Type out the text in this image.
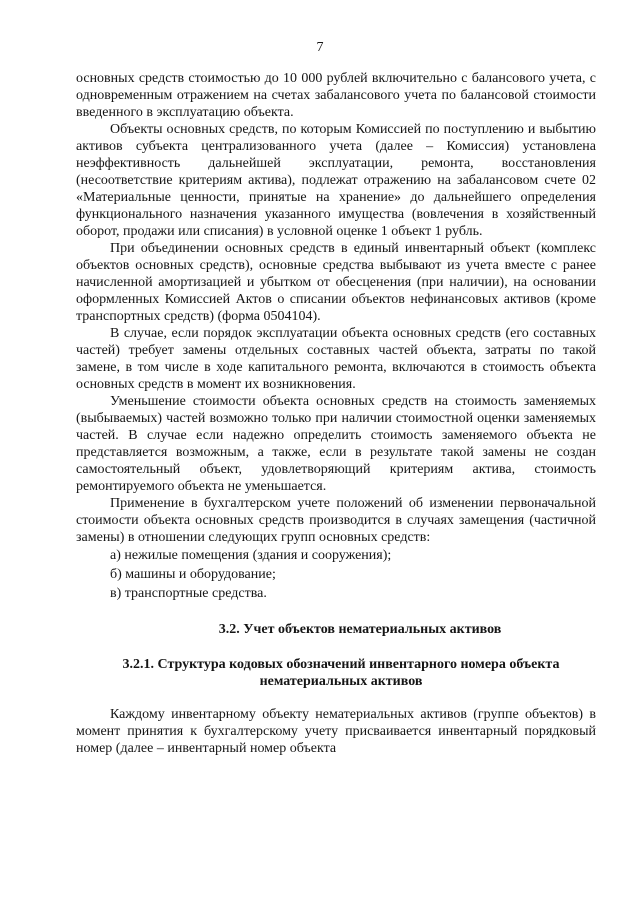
7

основных средств стоимостью до 10 000 рублей включительно с балансового учета, с одновременным отражением на счетах забалансового учета по балансовой стоимости введенного в эксплуатацию объекта.

Объекты основных средств, по которым Комиссией по поступлению и выбытию активов субъекта централизованного учета (далее – Комиссия) установлена неэффективность дальнейшей эксплуатации, ремонта, восстановления (несоответствие критериям актива), подлежат отражению на забалансовом счете 02 «Материальные ценности, принятые на хранение» до дальнейшего определения функционального назначения указанного имущества (вовлечения в хозяйственный оборот, продажи или списания) в условной оценке 1 объект 1 рубль.

При объединении основных средств в единый инвентарный объект (комплекс объектов основных средств), основные средства выбывают из учета вместе с ранее начисленной амортизацией и убытком от обесценения (при наличии), на основании оформленных Комиссией Актов о списании объектов нефинансовых активов (кроме транспортных средств) (форма 0504104).

В случае, если порядок эксплуатации объекта основных средств (его составных частей) требует замены отдельных составных частей объекта, затраты по такой замене, в том числе в ходе капитального ремонта, включаются в стоимость объекта основных средств в момент их возникновения.

Уменьшение стоимости объекта основных средств на стоимость заменяемых (выбываемых) частей возможно только при наличии стоимостной оценки заменяемых частей. В случае если надежно определить стоимость заменяемого объекта не представляется возможным, а также, если в результате такой замены не создан самостоятельный объект, удовлетворяющий критериям актива, стоимость ремонтируемого объекта не уменьшается.

Применение в бухгалтерском учете положений об изменении первоначальной стоимости объекта основных средств производится в случаях замещения (частичной замены) в отношении следующих групп основных средств:

а) нежилые помещения (здания и сооружения);

б) машины и оборудование;

в) транспортные средства.

3.2. Учет объектов нематериальных активов

3.2.1. Структура кодовых обозначений инвентарного номера объекта

нематериальных активов

Каждому инвентарному объекту нематериальных активов (группе объектов) в момент принятия к бухгалтерскому учету присваивается инвентарный порядковый номер (далее – инвентарный номер объекта
